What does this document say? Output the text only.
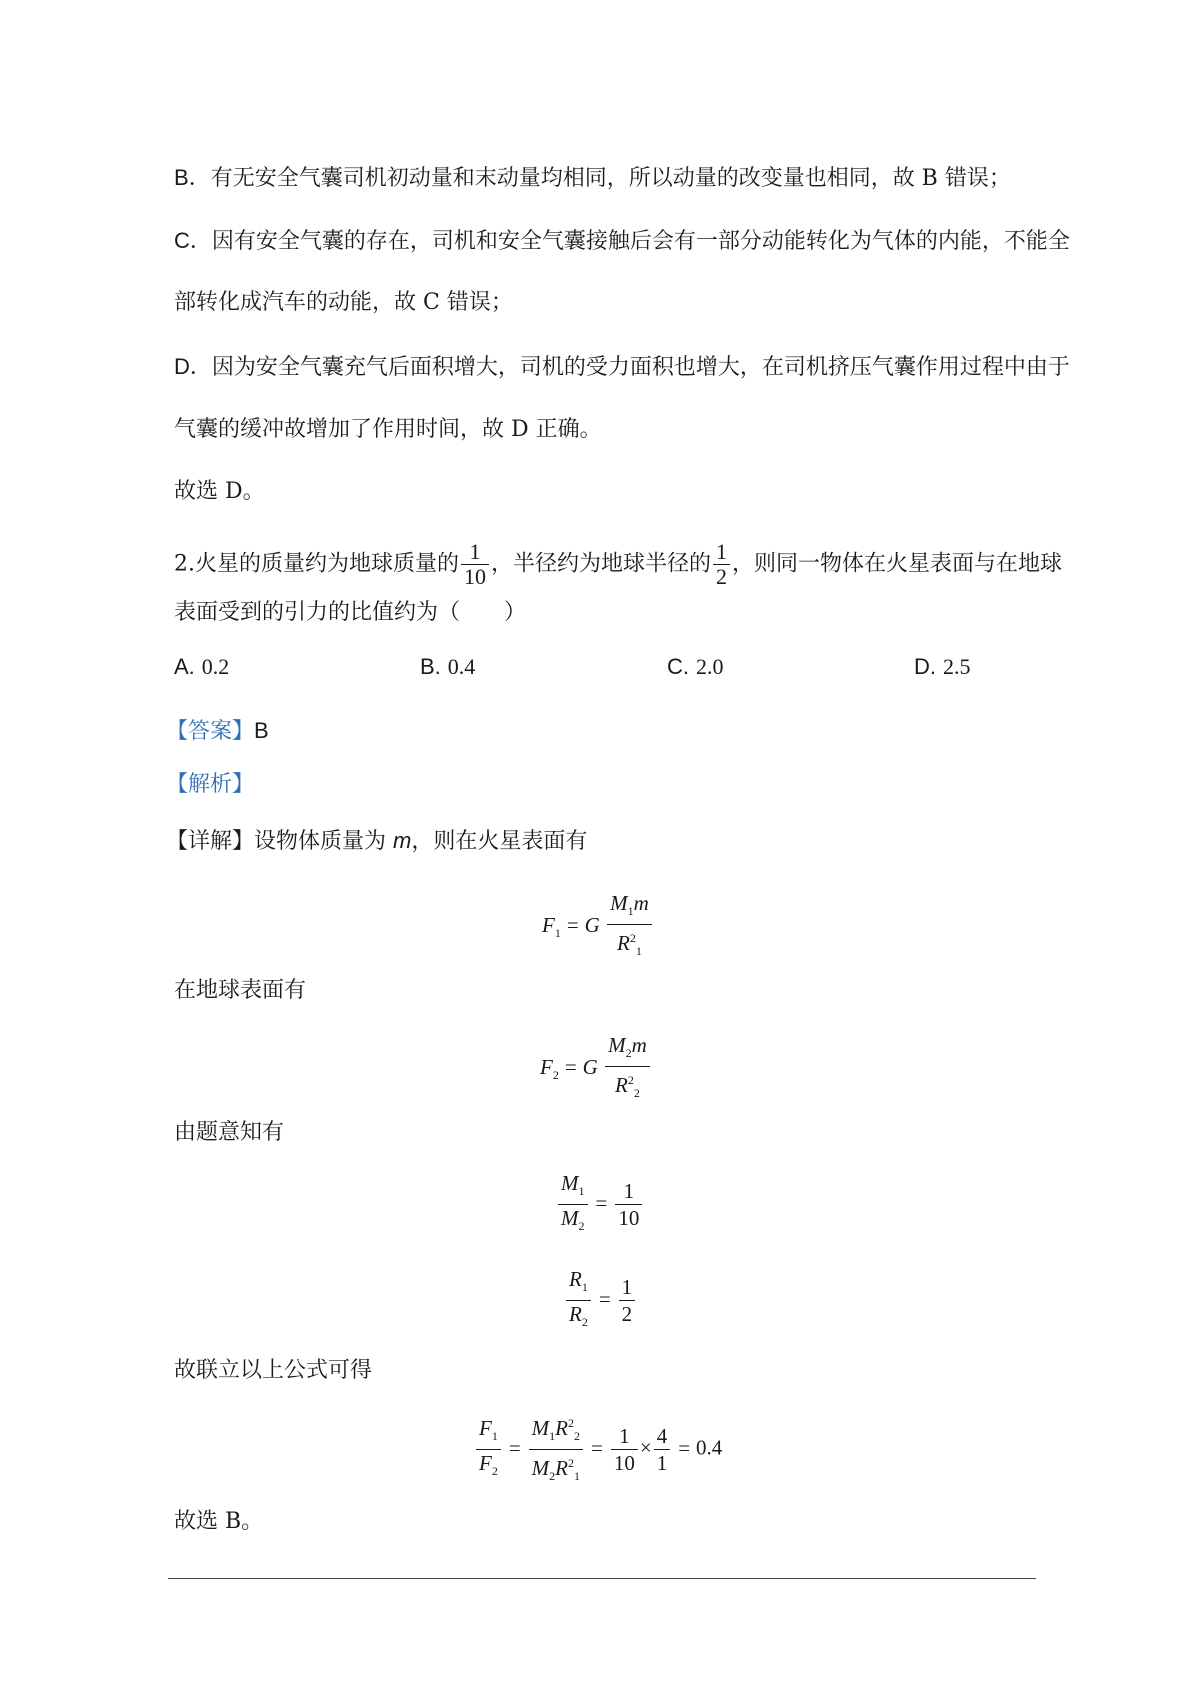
B．有无安全气囊司机初动量和末动量均相同，所以动量的改变量也相同，故 B 错误；
C．因有安全气囊的存在，司机和安全气囊接触后会有一部分动能转化为气体的内能，不能全
部转化成汽车的动能，故 C 错误；
D．因为安全气囊充气后面积增大，司机的受力面积也增大，在司机挤压气囊作用过程中由于
气囊的缓冲故增加了作用时间，故 D 正确。
故选 D。
2.火星的质量约为地球质量的 $\frac{1}{10}$ ，半径约为地球半径的 $\frac{1}{2}$ ，则同一物体在火星表面与在地球
表面受到的引力的比值约为（　　）
A. 0.2	B. 0.4	C. 2.0	D. 2.5
【答案】B
【解析】
【详解】设物体质量为 m，则在火星表面有
$F_1 = G \frac{M_1m}{R^2_1}$
在地球表面有
$F_2 = G \frac{M_2m}{R^2_2}$
由题意知有
$\frac{M_1}{M_2} = \frac{1}{10}$
$\frac{R_1}{R_2} = \frac{1}{2}$
故联立以上公式可得
$\frac{F_1}{F_2} = \frac{M_1R^2_2}{M_2R^2_1} = \frac{1}{10} \times \frac{4}{1} = 0.4$
故选 B。
